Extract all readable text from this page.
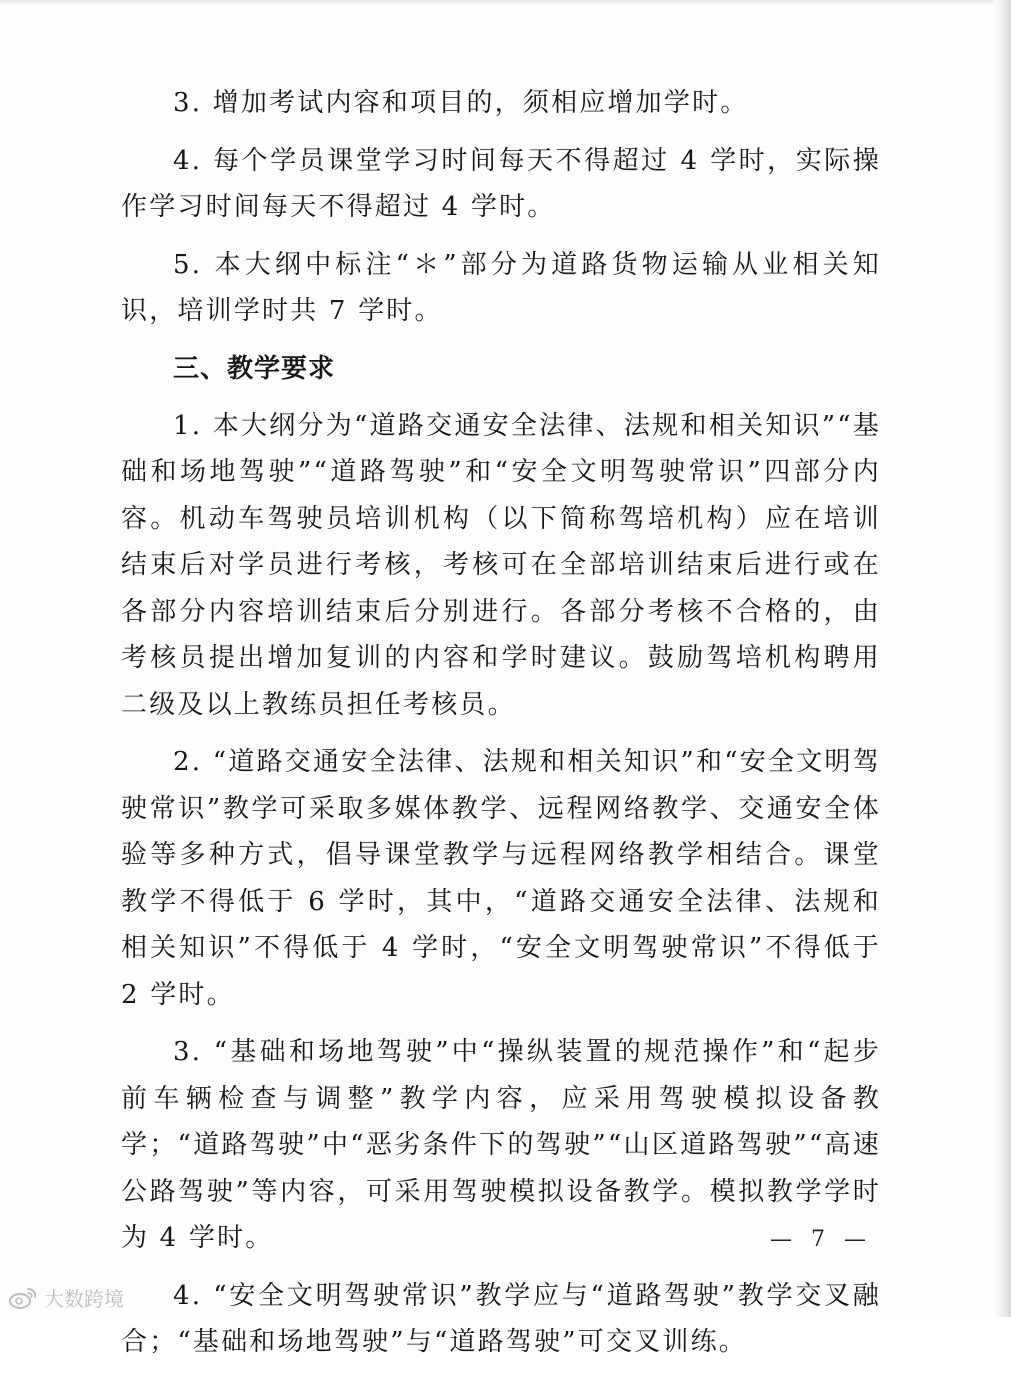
3. 增加考试内容和项目的，须相应增加学时。

4. 每个学员课堂学习时间每天不得超过 4 学时，实际操作学习时间每天不得超过 4 学时。

5. 本大纲中标注“＊”部分为道路货物运输从业相关知识，培训学时共 7 学时。

三、教学要求

1. 本大纲分为“道路交通安全法律、法规和相关知识”“基础和场地驾驶”“道路驾驶”和“安全文明驾驶常识”四部分内容。机动车驾驶员培训机构（以下简称驾培机构）应在培训结束后对学员进行考核，考核可在全部培训结束后进行或在各部分内容培训结束后分别进行。各部分考核不合格的，由考核员提出增加复训的内容和学时建议。鼓励驾培机构聘用二级及以上教练员担任考核员。

2. “道路交通安全法律、法规和相关知识”和“安全文明驾驶常识”教学可采取多媒体教学、远程网络教学、交通安全体验等多种方式，倡导课堂教学与远程网络教学相结合。课堂教学不得低于 6 学时，其中，“道路交通安全法律、法规和相关知识”不得低于 4 学时，“安全文明驾驶常识”不得低于 2 学时。

3. “基础和场地驾驶”中“操纵装置的规范操作”和“起步前车辆检查与调整”教学内容，应采用驾驶模拟设备教学；“道路驾驶”中“恶劣条件下的驾驶”“山区道路驾驶”“高速公路驾驶”等内容，可采用驾驶模拟设备教学。模拟教学学时为 4 学时。

4. “安全文明驾驶常识”教学应与“道路驾驶”教学交叉融合；“基础和场地驾驶”与“道路驾驶”可交叉训练。

— 7 —
大数跨境
